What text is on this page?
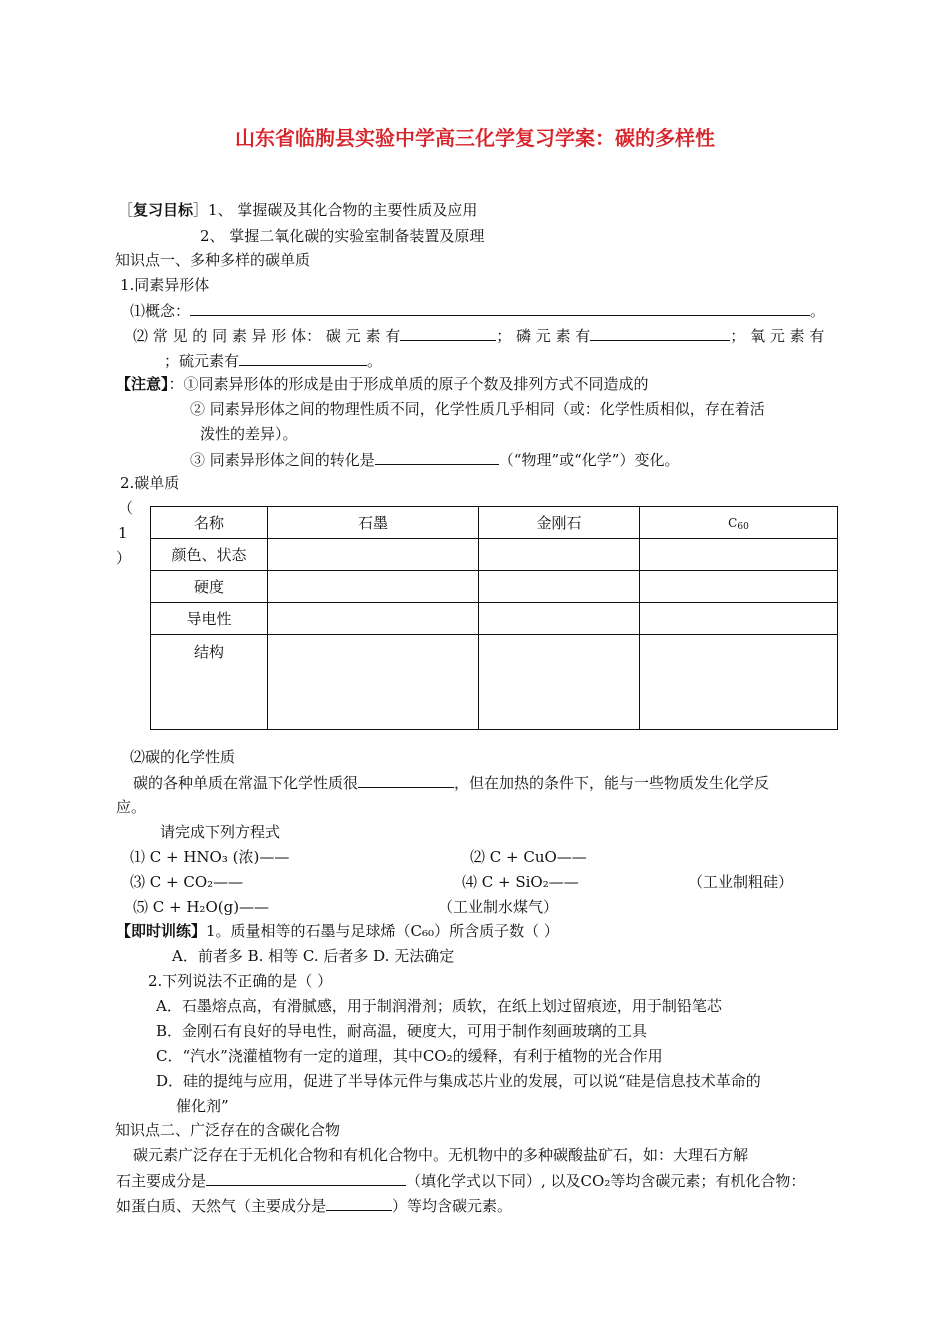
山东省临朐县实验中学高三化学复习学案：碳的多样性
［复习目标］1、 掌握碳及其化合物的主要性质及应用
2、 掌握二氧化碳的实验室制备装置及原理
知识点一、多种多样的碳单质
1.同素异形体
⑴概念：	。
⑵ 常 见 的 同 素 异 形 体： 碳 元 素 有	； 磷 元 素 有	； 氧 元 素 有
；硫元素有	。
【注意】：①同素异形体的形成是由于形成单质的原子个数及排列方式不同造成的
② 同素异形体之间的物理性质不同，化学性质几乎相同（或：化学性质相似，存在着活
泼性的差异）。
③ 同素异形体之间的转化是	（“物理”或“化学”）变化。
2.碳单质
（
1
）
名称	石墨	金刚石	$C_{60}$
颜色、状态			
硬度			
导电性			
结构			
⑵碳的化学性质
碳的各种单质在常温下化学性质很	，但在加热的条件下，能与一些物质发生化学反
应。
请完成下列方程式
⑴ C + HNO₃ (浓)——	⑵ C + CuO——
⑶ C + CO₂——	⑷ C + SiO₂——	（工业制粗硅）
⑸ C + H₂O(g)——	（工业制水煤气）
【即时训练】1。质量相等的石墨与足球烯（C₆₀）所含质子数（ ）
A．前者多 B. 相等 C. 后者多 D. 无法确定
2.下列说法不正确的是（ ）
A．石墨熔点高，有滑腻感，用于制润滑剂；质软，在纸上划过留痕迹，用于制铅笔芯
B．金刚石有良好的导电性，耐高温，硬度大，可用于制作刻画玻璃的工具
C．“汽水”浇灌植物有一定的道理，其中CO₂的缓释，有利于植物的光合作用
D．硅的提纯与应用，促进了半导体元件与集成芯片业的发展，可以说“硅是信息技术革命的
催化剂”
知识点二、广泛存在的含碳化合物
碳元素广泛存在于无机化合物和有机化合物中。无机物中的多种碳酸盐矿石，如：大理石方解
石主要成分是	（填化学式以下同）, 以及CO₂等均含碳元素；有机化合物：
如蛋白质、天然气（主要成分是	）等均含碳元素。
